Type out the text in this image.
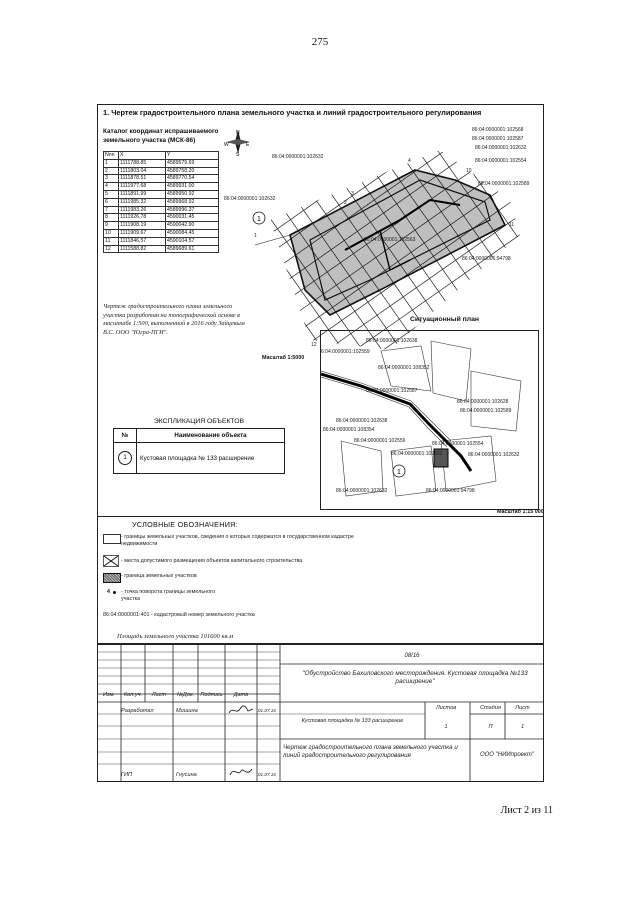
275
1. Чертеж градостроительного плана земельного участка и линий градостроительного регулирования
Каталог координат испрашиваемого земельного участка (МСК-86)
Nnn	X	Y
1	1111788.85	4589579.69
2	1111803.04	4589758.20
3	1111878.51	4589770.54
4	1111977.68	4589931.00
5	1111891.99	4589950.92
6	1111985.32	4589968.92
7	1111983.26	4589996.37
8	1111926.78	4590031.45
9	1111908.19	4590042.90
10	1111909.67	4590084.45
11	1111846.57	4590104.57
12	1111588.82	4589689.61
N
W	E
S
Чертеж градостроительного плана земельного участка разработан на топографической основе в масштабе 1:500, выполненной в 2016 году Зайцевым В.С. ООО "Югра-ПГИ".
1
86:04:0000001:102632
86:04:0000001:102632
86:04:0000001:102563
86:04:0000001:102568
86:04:0000001:102587
86:04:0000001:102632
86:04:0000001:102554
86:04:0000001:102589
86:04:0000001:94798
1
2
3
4
10
11
12
Масштаб 1:5000
Ситуационный план
1
86:04:0000001:102638
6:04:0000001:102559
86:04:0000001:108352
86:04:0000001:102587
86:04:0000001:102628
86:04:0000001:102589
86:04:0000001:102638
86:04:0000001:108354
86:04:0000001:102556
86:04:0000001:102632
86:04:0000001:102554
86:04:0000001:102632
86:04:0000001:102632	86:04:0000001:94798
Масштаб 1:15 000
ЭКСПЛИКАЦИЯ ОБЪЕКТОВ
№	Наименование объекта
1	Кустовая площадка № 133 расширение
УСЛОВНЫЕ ОБОЗНАЧЕНИЯ:
- границы земельных участков, сведения о которых содержатся в государственном кадастре недвижимости
- места допустимого размещения объектов капитального строительства
- граница земельных участков
4 - точка поворота границы земельного участка
86:04:0000001:401 - кадастровый номер земельного участка
Площадь земельного участка 101600 кв.м
08/16
"Обустройство Бахиловского месторождения. Кустовая площадка №133 расширение"
Изм.	Кол.уч.	Лист	№Док.	Подпись	Дата
Разработал	Мишина	01.07.16
Кустовая площадка № 133 расширение
Стадия	Лист
Листов
П	1
1
Чертеж градостроительного плана земельного участка и линий градостроительного регулирования	ООО "НИИпроект"
ГИП	Гнусина	01.07.16
Лист 2 из 11
